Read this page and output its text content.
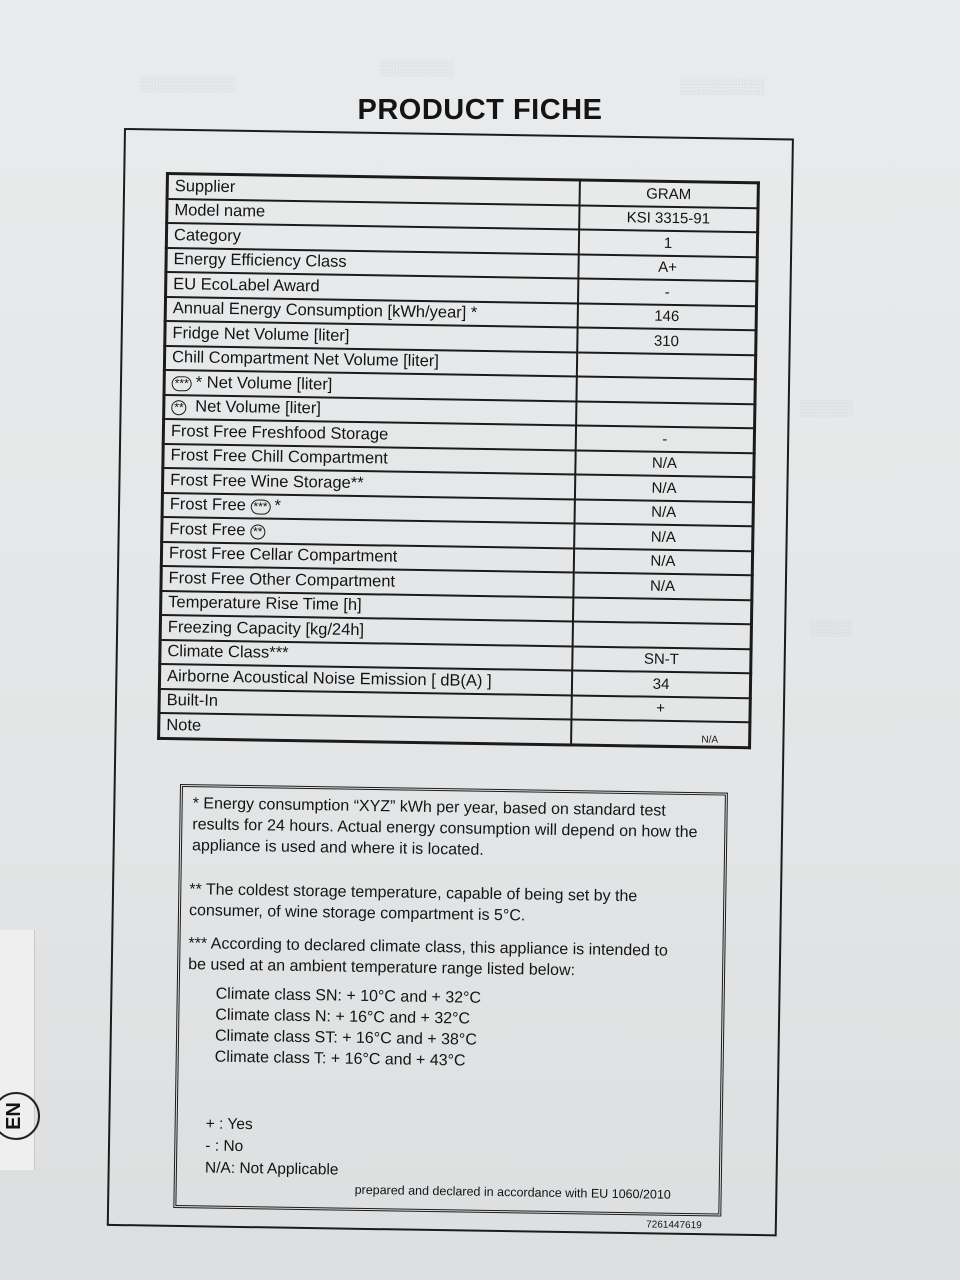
░░░░░░░░░
░░░░░░░
░░░░░░░░
░░░░░
░░░░
EN
PRODUCT FICHE
Supplier	GRAM
Model name	KSI 3315-91
Category	1
Energy Efficiency Class	A+
EU EcoLabel Award	-
Annual Energy Consumption [kWh/year] *	146
Fridge Net Volume [liter]	310
Chill Compartment Net Volume [liter]	
*** * Net Volume [liter]	
** Net Volume [liter]	
Frost Free Freshfood Storage	-
Frost Free Chill Compartment	N/A
Frost Free Wine Storage**	N/A
Frost Free *** *	N/A
Frost Free **	N/A
Frost Free Cellar Compartment	N/A
Frost Free Other Compartment	N/A
Temperature Rise Time [h]	
Freezing Capacity [kg/24h]	
Climate Class***	SN-T
Airborne Acoustical Noise Emission [ dB(A) ]	34
Built-In	+
Note	N/A
* Energy consumption “XYZ” kWh per year, based on standard test results for 24 hours. Actual energy consumption will depend on how the appliance is used and where it is located.
** The coldest storage temperature, capable of being set by the consumer, of wine storage compartment is 5°C.
*** According to declared climate class, this appliance is intended to be used at an ambient temperature range listed below:
Climate class SN: + 10°C and + 32°C
Climate class N: + 16°C and + 32°C
Climate class ST: + 16°C and + 38°C
Climate class T: + 16°C and + 43°C
+ : Yes
- : No
N/A: Not Applicable
prepared and declared in accordance with EU 1060/2010
7261447619
